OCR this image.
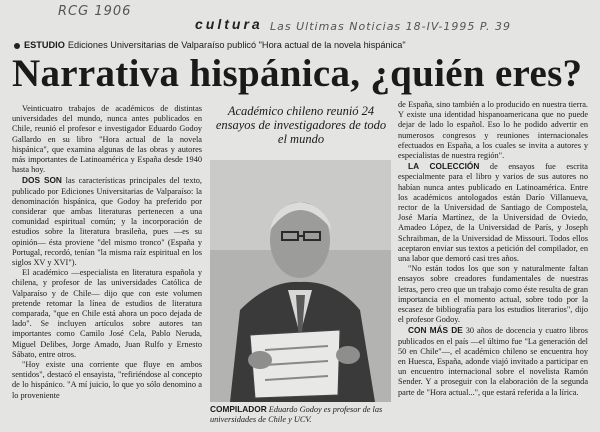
RCG 1906
cultura Las Ultimas Noticias 18-IV-1995 P. 39
ESTUDIO Ediciones Universitarias de Valparaíso publicó "Hora actual de la novela hispánica"
Narrativa hispánica, ¿quién eres?

Veinticuatro trabajos de académicos de distintas universidades del mundo, nunca antes publicados en Chile, reunió el profesor e investigador Eduardo Godoy Gallardo en su libro "Hora actual de la novela hispánica", que examina algunas de las obras y autores más importantes de Latinoamérica y España desde 1940 hasta hoy.

DOS SON las características principales del texto, publicado por Ediciones Universitarias de Valparaíso: la denominación hispánica, que Godoy ha preferido por considerar que ambas literaturas pertenecen a una comunidad espiritual común; y la incorporación de estudios sobre la literatura brasileña, pues —es su opinión— ésta proviene "del mismo tronco" (España y Portugal, recordó, tenían "la misma raíz espiritual en los siglos XV y XVI").

El académico —especialista en literatura española y chilena, y profesor de las universidades Católica de Valparaíso y de Chile— dijo que con este volumen pretende retomar la línea de estudios de literatura comparada, "que en Chile está ahora un poco dejada de lado". Se incluyen artículos sobre autores tan importantes como Camilo José Cela, Pablo Neruda, Miguel Delibes, Jorge Amado, Juan Rulfo y Ernesto Sábato, entre otros.

"Hoy existe una corriente que fluye en ambos sentidos", destacó el ensayista, "refiriéndose al concepto de lo hispánico. "A mí juicio, lo que yo sólo denomino a lo proveniente

Académico chileno reunió 24 ensayos de investigadores de todo el mundo
COMPILADOR Eduardo Godoy es profesor de las universidades de Chile y UCV.

de España, sino también a lo producido en nuestra tierra. Y existe una identidad hispanoamericana que no puede dejar de lado lo español. Eso lo he podido advertir en numerosos congresos y reuniones internacionales efectuados en España, a los cuales se invita a autores y especialistas de nuestra región".

LA COLECCIÓN de ensayos fue escrita especialmente para el libro y varios de sus autores no habían nunca antes publicado en Latinoamérica. Entre los académicos antologados están Darío Villanueva, rector de la Universidad de Santiago de Compostela, José María Martínez, de la Universidad de Oviedo, Amadeo López, de la Universidad de París, y Joseph Schraibman, de la Universidad de Missouri. Todos ellos aceptaron enviar sus textos a petición del compilador, en una labor que demoró casi tres años.

"No están todos los que son y naturalmente faltan ensayos sobre creadores fundamentales de nuestras letras, pero creo que un trabajo como éste resulta de gran importancia en el momento actual, sobre todo por la escasez de bibliografía para los estudios literarios", dijo el profesor Godoy.

CON MÁS DE 30 años de docencia y cuatro libros publicados en el país —el último fue "La generación del 50 en Chile"—, el académico chileno se encuentra hoy en Huesca, España, adonde viajó invitado a participar en un encuentro internacional sobre el novelista Ramón Sender. Y a proseguir con la elaboración de la segunda parte de "Hora actual...", que estará referida a la lírica.
